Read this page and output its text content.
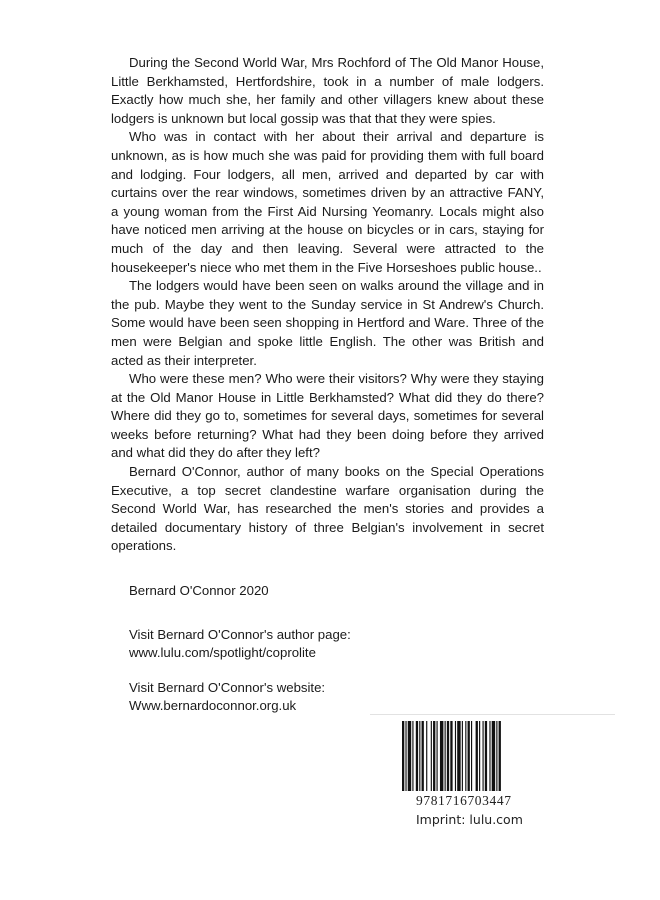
During the Second World War, Mrs Rochford of The Old Manor House, Little Berkhamsted, Hertfordshire, took in a number of male lodgers. Exactly how much she, her family and other villagers knew about these lodgers is unknown but local gossip was that that they were spies.

Who was in contact with her about their arrival and departure is unknown, as is how much she was paid for providing them with full board and lodging. Four lodgers, all men, arrived and departed by car with curtains over the rear windows, sometimes driven by an attractive FANY, a young woman from the First Aid Nursing Yeomanry. Locals might also have noticed men arriving at the house on bicycles or in cars, staying for much of the day and then leaving. Several were attracted to the housekeeper's niece who met them in the Five Horseshoes public house..

The lodgers would have been seen on walks around the village and in the pub. Maybe they went to the Sunday service in St Andrew's Church. Some would have been seen shopping in Hertford and Ware. Three of the men were Belgian and spoke little English. The other was British and acted as their interpreter.

Who were these men? Who were their visitors? Why were they staying at the Old Manor House in Little Berkhamsted? What did they do there? Where did they go to, sometimes for several days, sometimes for several weeks before returning? What had they been doing before they arrived and what did they do after they left?

Bernard O'Connor, author of many books on the Special Operations Executive, a top secret clandestine warfare organisation during the Second World War, has researched the men's stories and provides a detailed documentary history of three Belgian's involvement in secret operations.

Bernard O'Connor 2020

Visit Bernard O'Connor's author page:

www.lulu.com/spotlight/coprolite

Visit Bernard O'Connor's website:

Www.bernardoconnor.org.uk

9781716703447
Imprint: lulu.com
